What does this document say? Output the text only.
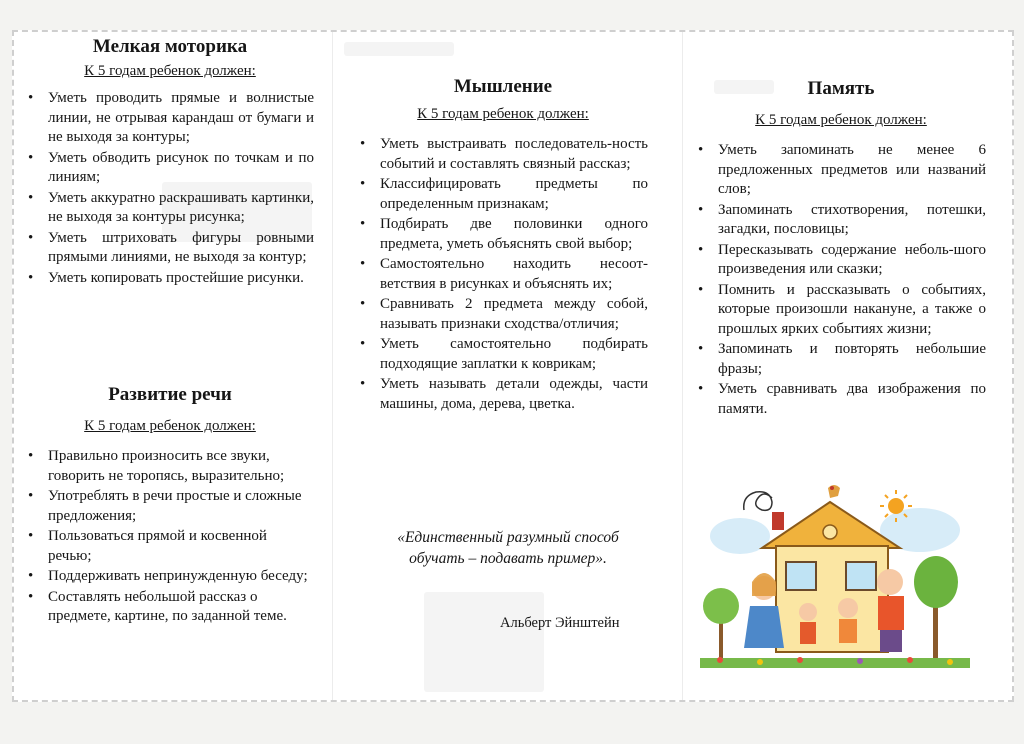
Мелкая моторика

К 5 годам ребенок должен:

• Уметь проводить прямые и волнистые линии, не отрывая карандаш от бумаги и не выходя за контуры;
• Уметь обводить рисунок по точкам и по линиям;
• Уметь аккуратно раскрашивать картинки, не выходя за контуры рисунка;
• Уметь штриховать фигуры ровными прямыми линиями, не выходя за контур;
• Уметь копировать простейшие рисунки.
Развитие речи

К 5 годам ребенок должен:

• Правильно произносить все звуки, говорить не торопясь, выразительно;
• Употреблять в речи простые и сложные предложения;
• Пользоваться прямой и косвенной речью;
• Поддерживать непринужденную беседу;
• Составлять небольшой рассказ о предмете, картине, по заданной теме.
Мышление

К 5 годам ребенок должен:

• Уметь выстраивать последователь-ность событий и составлять связный рассказ;
• Классифицировать предметы по определенным признакам;
• Подбирать две половинки одного предмета, уметь объяснять свой выбор;
• Самостоятельно находить несоот-ветствия в рисунках и объяснять их;
• Сравнивать 2 предмета между собой, называть признаки сходства/отличия;
• Уметь самостоятельно подбирать подходящие заплатки к коврикам;
• Уметь называть детали одежды, части машины, дома, дерева, цветка.
«Единственный разумный способ обучать – подавать пример».
Альберт Эйнштейн
Память

К 5 годам ребенок должен:

• Уметь запоминать не менее 6 предложенных предметов или названий слов;
• Запоминать стихотворения, потешки, загадки, пословицы;
• Пересказывать содержание неболь-шого произведения или сказки;
• Помнить и рассказывать о событиях, которые произошли накануне, а также о прошлых ярких событиях жизни;
• Запоминать и повторять небольшие фразы;
• Уметь сравнивать два изображения по памяти.
